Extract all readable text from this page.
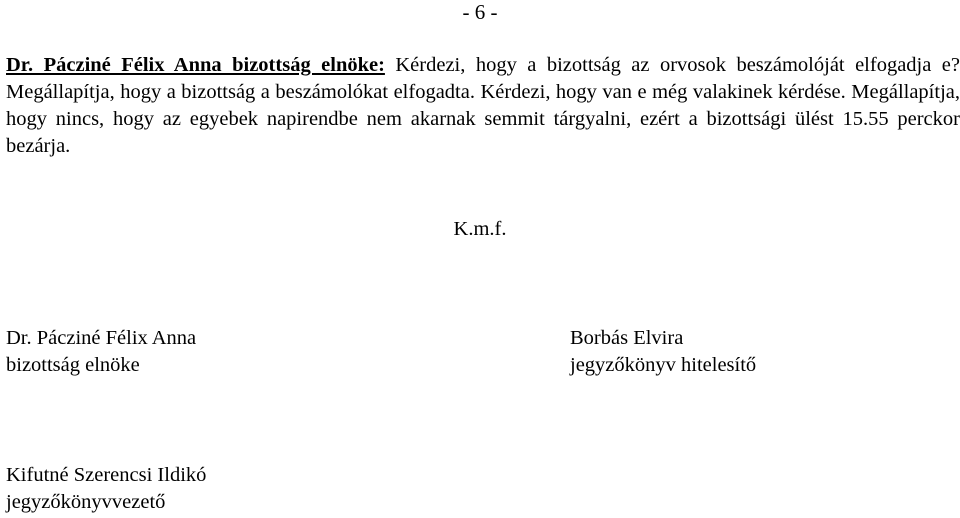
- 6 -
Dr. Pácziné Félix Anna bizottság elnöke: Kérdezi, hogy a bizottság az orvosok beszámolóját elfogadja e? Megállapítja, hogy a bizottság a beszámolókat elfogadta. Kérdezi, hogy van e még valakinek kérdése. Megállapítja, hogy nincs, hogy az egyebek napirendbe nem akarnak semmit tárgyalni, ezért a bizottsági ülést 15.55 perckor bezárja.
K.m.f.
Dr. Pácziné Félix Anna
bizottság elnöke
Borbás Elvira
jegyzőkönyv hitelesítő
Kifutné Szerencsi Ildikó
jegyzőkönyvvezető
